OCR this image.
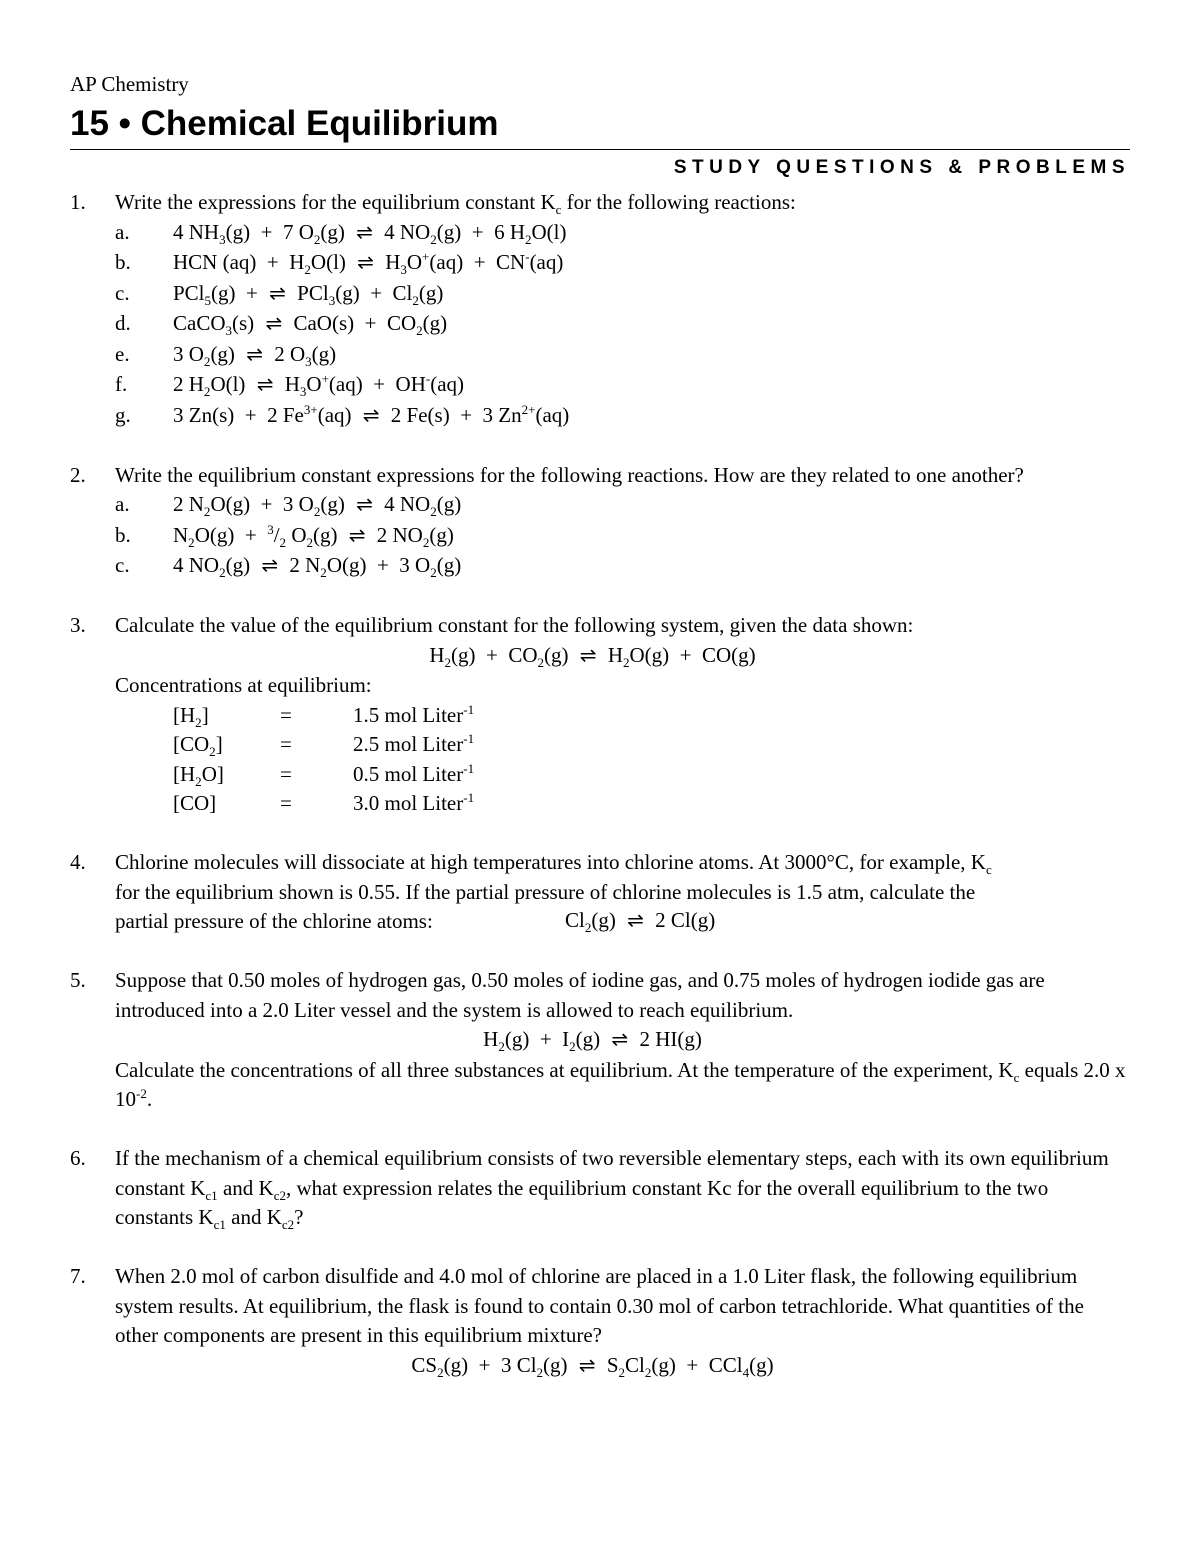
AP Chemistry
15 • Chemical Equilibrium
STUDY QUESTIONS & PROBLEMS
1. Write the expressions for the equilibrium constant $K_c$ for the following reactions:
a. 4 $NH_3(g) + 7$ $O_2(g)$ ⇌ 4 $NO_2(g) + 6$ $H_2O(l)$
b. HCN $(aq) + H_2O(l)$ ⇌ $H_3O^+(aq) + CN^-(aq)$
c. PCl$_5$(g)  + ⇌ $PCl_3(g) + Cl_2(g)$
d. CaCO$_3$(s) ⇌ $CaO(s) + CO_2(g)$
e. 3 $O_2(g)$ ⇌ 2 $O_3(g)$
f. 2 $H_2O(l)$ ⇌ $H_3O^+(aq) + OH^-(aq)$
g. 3 Zn(s)  +  2 $Fe^{3+}(aq)$ ⇌ 2 Fe(s)  +  3 $Zn^{2+}(aq)$
2. Write the equilibrium constant expressions for the following reactions. How are they related to one another?
a. 2 $N_2O(g) + 3$ $O_2(g)$ ⇌ 4 $NO_2(g)$
b. $N_2O(g) + ^3/_2$ $O_2(g)$ ⇌ 2 $NO_2(g)$
c. 4 $NO_2(g)$ ⇌ 2 $N_2O(g) + 3$ $O_2(g)$
3. Calculate the value of the equilibrium constant for the following system, given the data shown:
$H_2(g) + CO_2(g)$ ⇌ $H_2O(g) + CO(g)$
Concentrations at equilibrium:
$[H_2]$	=	1.5 mol Liter$^{-1}$
$[CO_2]$	=	2.5 mol Liter$^{-1}$
$[H_2O]$	=	0.5 mol Liter$^{-1}$
[CO]	=	3.0 mol Liter$^{-1}$
4. Chlorine molecules will dissociate at high temperatures into chlorine atoms. At 3000°C, for example, $K_c$
for the equilibrium shown is 0.55. If the partial pressure of chlorine molecules is 1.5 atm, calculate the
partial pressure of the chlorine atoms:	$Cl_2(g)$ ⇌ 2 Cl(g)
5. Suppose that 0.50 moles of hydrogen gas, 0.50 moles of iodine gas, and 0.75 moles of hydrogen iodide gas are introduced into a 2.0 Liter vessel and the system is allowed to reach equilibrium.
$H_2(g) + I_2(g)$ ⇌ 2 HI(g)
Calculate the concentrations of all three substances at equilibrium. At the temperature of the experiment, $K_c$ equals 2.0 x $10^{-2}$.
6. If the mechanism of a chemical equilibrium consists of two reversible elementary steps, each with its own equilibrium constant $K_{c1}$ and $K_{c2}$, what expression relates the equilibrium constant Kc for the overall equilibrium to the two constants $K_{c1}$ and $K_{c2}$?
7. When 2.0 mol of carbon disulfide and 4.0 mol of chlorine are placed in a 1.0 Liter flask, the following equilibrium system results. At equilibrium, the flask is found to contain 0.30 mol of carbon tetrachloride. What quantities of the other components are present in this equilibrium mixture?
$CS_2(g) + 3$ $Cl_2(g)$ ⇌ $S_2Cl_2(g) + CCl_4(g)$
